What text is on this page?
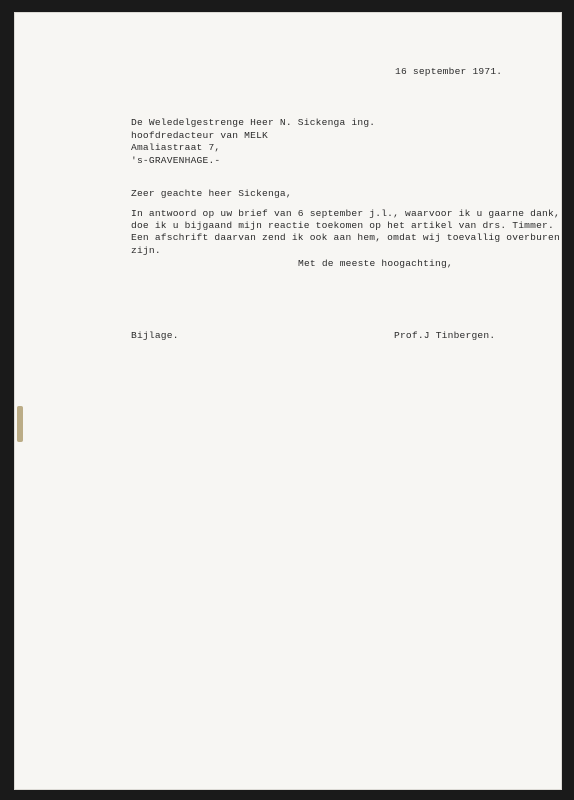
16 september 1971.
De Weledelgestrenge Heer N. Sickenga ing.
hoofdredacteur van MELK
Amaliastraat 7,
's-GRAVENHAGE.-
Zeer geachte heer Sickenga,
In antwoord op uw brief van 6 september j.l., waarvoor ik u gaarne dank,
doe ik u bijgaand mijn reactie toekomen op het artikel van drs. Timmer.
Een afschrift daarvan zend ik ook aan hem, omdat wij toevallig overburen
zijn.
Met de meeste hoogachting,
Bijlage.	Prof.J Tinbergen.
